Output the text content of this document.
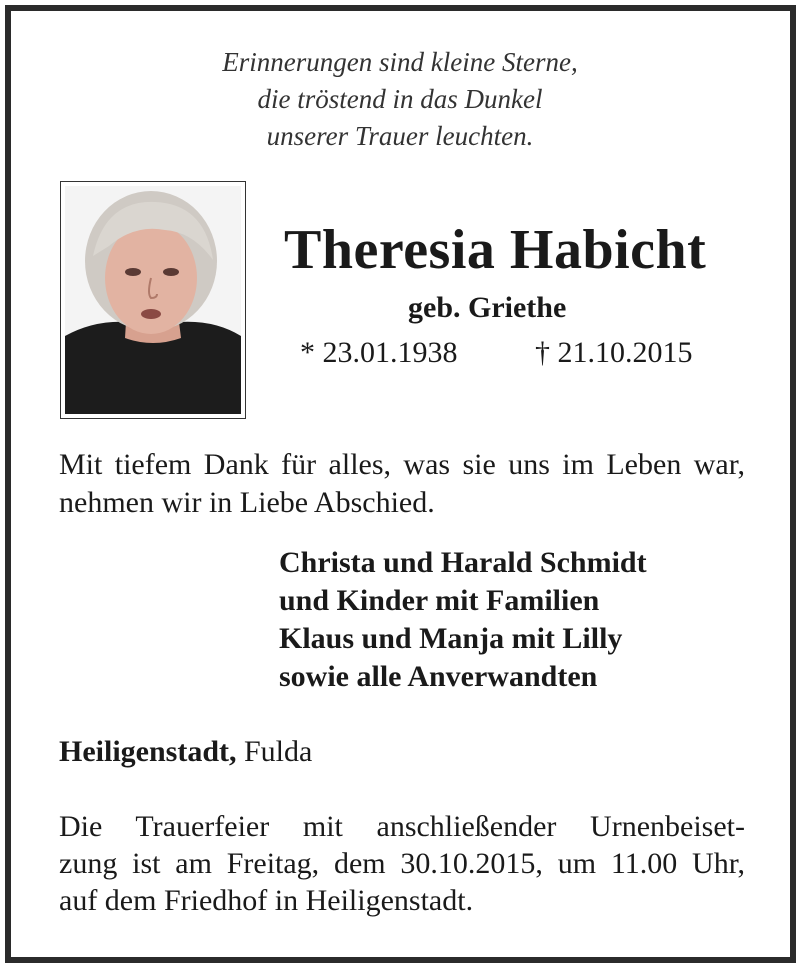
Erinnerungen sind kleine Sterne,
die tröstend in das Dunkel
unserer Trauer leuchten.
Theresia Habicht
geb. Griethe
* 23.01.1938	† 21.10.2015
Mit tiefem Dank für alles, was sie uns im Leben war, nehmen wir in Liebe Abschied.
Christa und Harald Schmidt
und Kinder mit Familien
Klaus und Manja mit Lilly
sowie alle Anverwandten
Heiligenstadt, Fulda
Die Trauerfeier mit anschließender Urnenbeiset-
zung ist am Freitag, dem 30.10.2015, um 11.00 Uhr,
auf dem Friedhof in Heiligenstadt.
